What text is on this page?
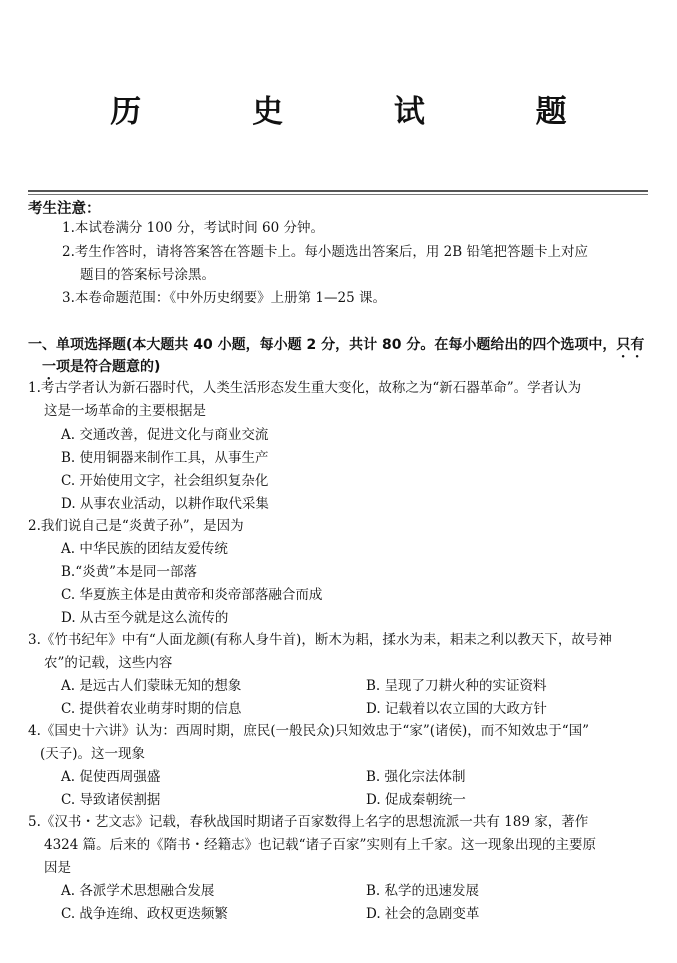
历 史 试 题
考生注意：
1.本试卷满分 100 分，考试时间 60 分钟。
2.考生作答时，请将答案答在答题卡上。每小题选出答案后，用 2B 铅笔把答题卡上对应
题目的答案标号涂黑。
3.本卷命题范围：《中外历史纲要》上册第 1—25 课。
一、单项选择题(本大题共 40 小题，每小题 2 分，共计 80 分。在每小题给出的四个选项中，只有
一项是符合题意的)
1.考古学者认为新石器时代，人类生活形态发生重大变化，故称之为“新石器革命”。学者认为
这是一场革命的主要根据是
A. 交通改善，促进文化与商业交流
B. 使用铜器来制作工具，从事生产
C. 开始使用文字，社会组织复杂化
D. 从事农业活动，以耕作取代采集
2.我们说自己是“炎黄子孙”，是因为
A. 中华民族的团结友爱传统
B.“炎黄”本是同一部落
C. 华夏族主体是由黄帝和炎帝部落融合而成
D. 从古至今就是这么流传的
3.《竹书纪年》中有“人面龙颜(有称人身牛首)，断木为耜，揉水为耒，耜耒之利以教天下，故号神
农”的记载，这些内容
A. 是远古人们蒙昧无知的想象	B. 呈现了刀耕火种的实证资料
C. 提供着农业萌芽时期的信息	D. 记载着以农立国的大政方针
4.《国史十六讲》认为：西周时期，庶民(一般民众)只知效忠于“家”(诸侯)，而不知效忠于“国”
(天子)。这一现象
A. 促使西周强盛	B. 强化宗法体制
C. 导致诸侯割据	D. 促成秦朝统一
5.《汉书・艺文志》记载，春秋战国时期诸子百家数得上名字的思想流派一共有 189 家，著作
4324 篇。后来的《隋书・经籍志》也记载“诸子百家”实则有上千家。这一现象出现的主要原
因是
A. 各派学术思想融合发展	B. 私学的迅速发展
C. 战争连绵、政权更迭频繁	D. 社会的急剧变革
